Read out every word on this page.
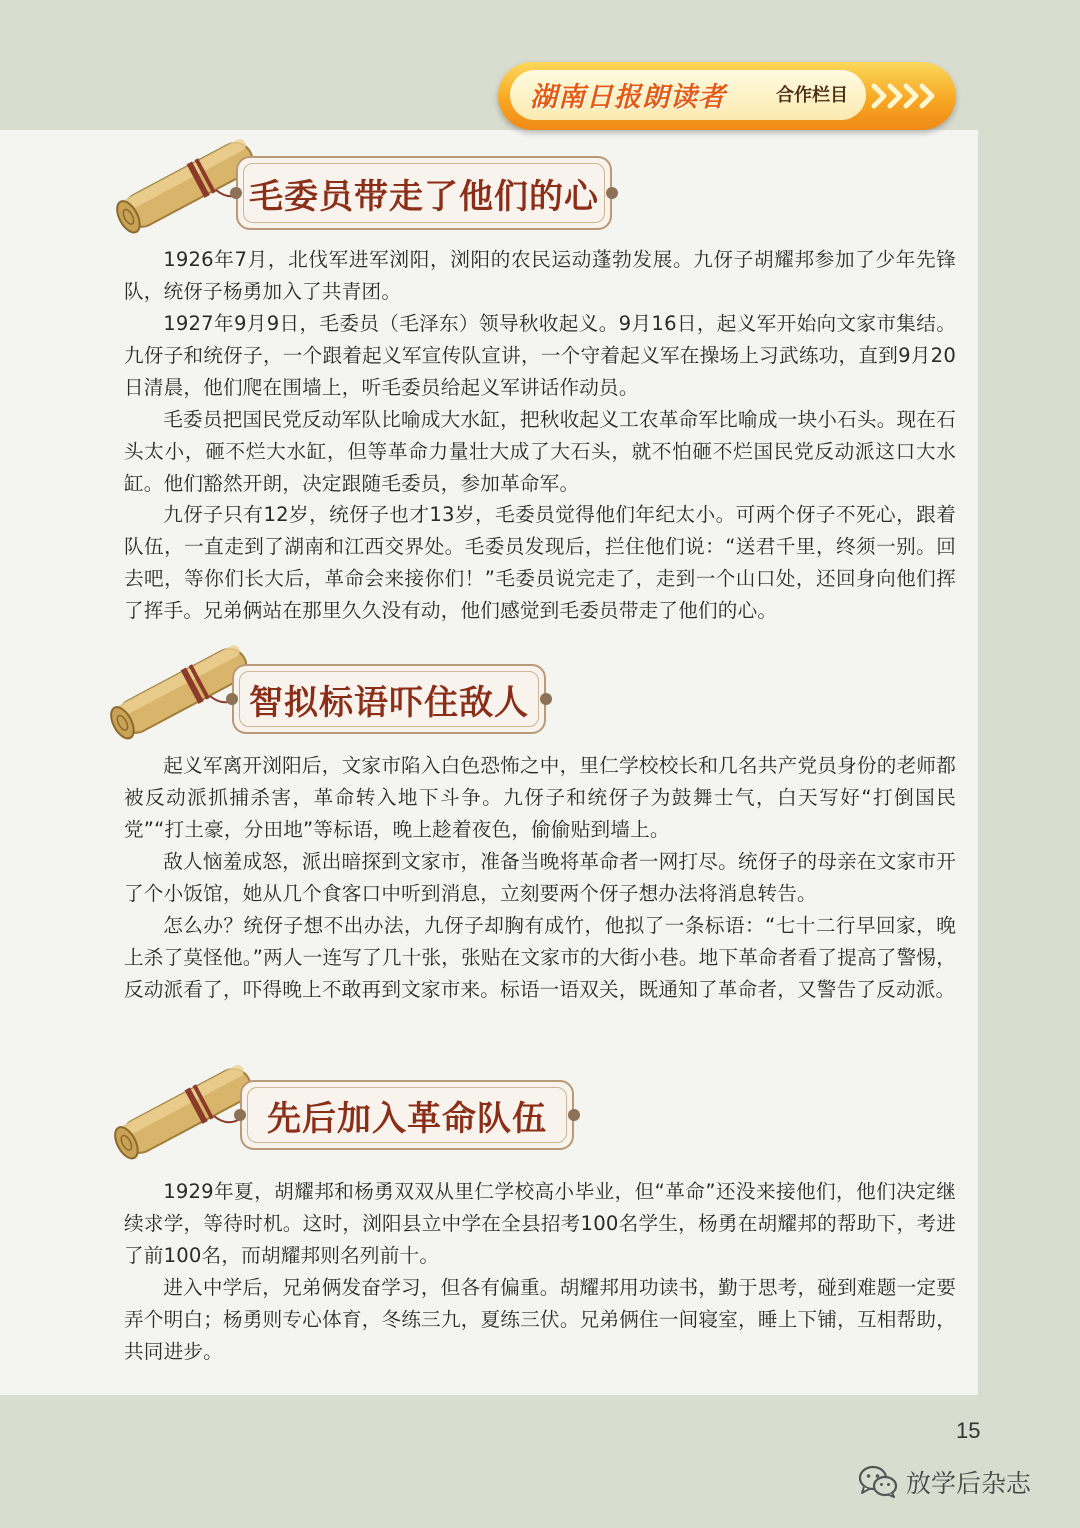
湖南日报朗读者	合作栏目
毛委员带走了他们的心

1926年7月，北伐军进军浏阳，浏阳的农民运动蓬勃发展。九伢子胡耀邦参加了少年先锋队，统伢子杨勇加入了共青团。

1927年9月9日，毛委员（毛泽东）领导秋收起义。9月16日，起义军开始向文家市集结。九伢子和统伢子，一个跟着起义军宣传队宣讲，一个守着起义军在操场上习武练功，直到9月20日清晨，他们爬在围墙上，听毛委员给起义军讲话作动员。

毛委员把国民党反动军队比喻成大水缸，把秋收起义工农革命军比喻成一块小石头。现在石头太小，砸不烂大水缸，但等革命力量壮大成了大石头，就不怕砸不烂国民党反动派这口大水缸。他们豁然开朗，决定跟随毛委员，参加革命军。

九伢子只有12岁，统伢子也才13岁，毛委员觉得他们年纪太小。可两个伢子不死心，跟着队伍，一直走到了湖南和江西交界处。毛委员发现后，拦住他们说：“送君千里，终须一别。回去吧，等你们长大后，革命会来接你们！”毛委员说完走了，走到一个山口处，还回身向他们挥了挥手。兄弟俩站在那里久久没有动，他们感觉到毛委员带走了他们的心。

智拟标语吓住敌人

起义军离开浏阳后，文家市陷入白色恐怖之中，里仁学校校长和几名共产党员身份的老师都被反动派抓捕杀害，革命转入地下斗争。九伢子和统伢子为鼓舞士气，白天写好“打倒国民党”“打土豪，分田地”等标语，晚上趁着夜色，偷偷贴到墙上。

敌人恼羞成怒，派出暗探到文家市，准备当晚将革命者一网打尽。统伢子的母亲在文家市开了个小饭馆，她从几个食客口中听到消息，立刻要两个伢子想办法将消息转告。

怎么办？统伢子想不出办法，九伢子却胸有成竹，他拟了一条标语：“七十二行早回家，晚上杀了莫怪他。”两人一连写了几十张，张贴在文家市的大街小巷。地下革命者看了提高了警惕，反动派看了，吓得晚上不敢再到文家市来。标语一语双关，既通知了革命者，又警告了反动派。

先后加入革命队伍

1929年夏，胡耀邦和杨勇双双从里仁学校高小毕业，但“革命”还没来接他们，他们决定继续求学，等待时机。这时，浏阳县立中学在全县招考100名学生，杨勇在胡耀邦的帮助下，考进了前100名，而胡耀邦则名列前十。

进入中学后，兄弟俩发奋学习，但各有偏重。胡耀邦用功读书，勤于思考，碰到难题一定要弄个明白；杨勇则专心体育，冬练三九，夏练三伏。兄弟俩住一间寝室，睡上下铺，互相帮助，共同进步。

15
放学后杂志
